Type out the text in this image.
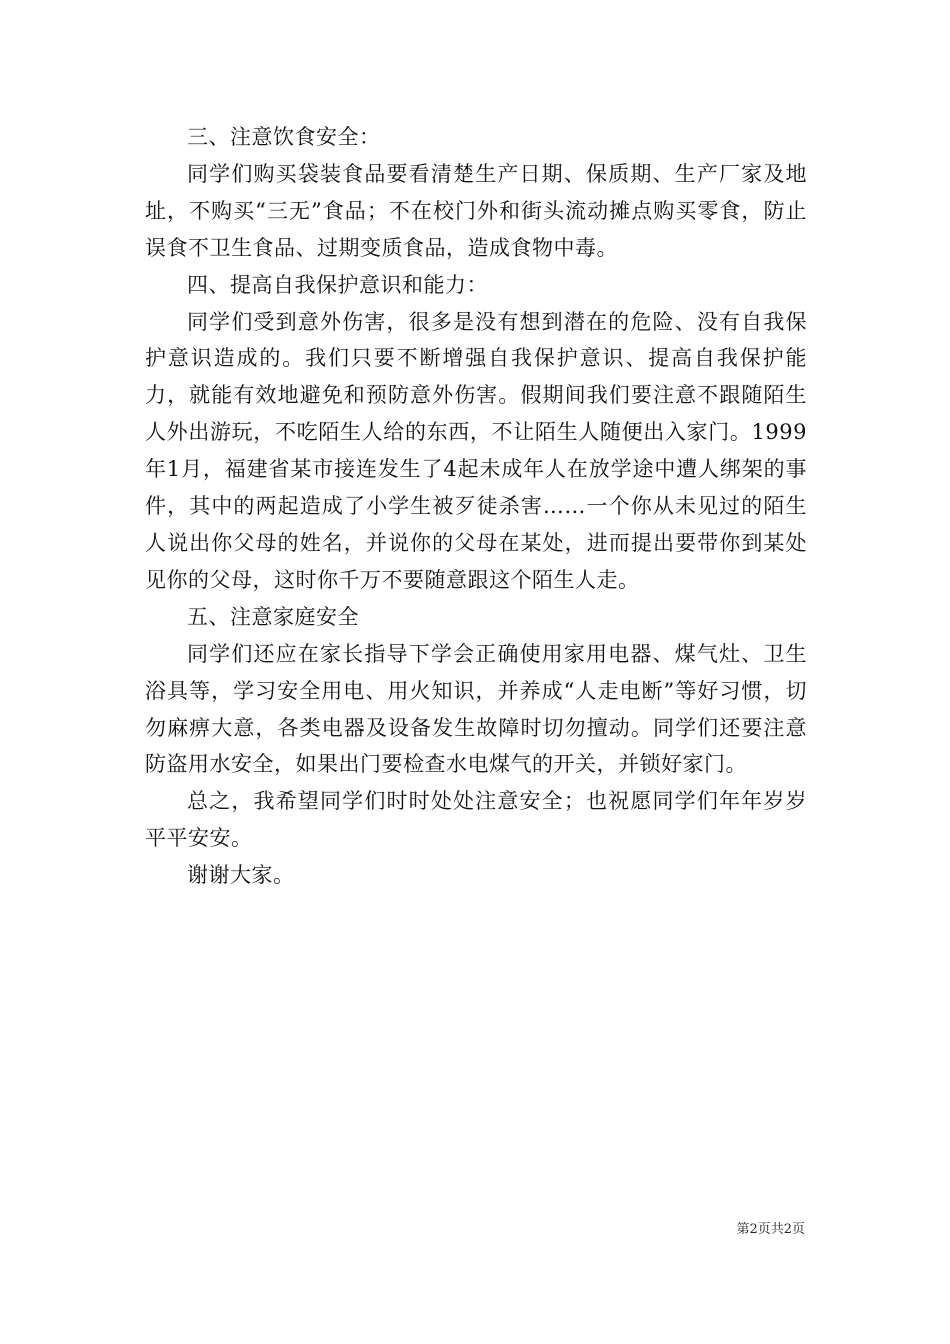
三、注意饮食安全：

同学们购买袋装食品要看清楚生产日期、保质期、生产厂家及地址，不购买“三无”食品；不在校门外和街头流动摊点购买零食，防止误食不卫生食品、过期变质食品，造成食物中毒。

四、提高自我保护意识和能力：

同学们受到意外伤害，很多是没有想到潜在的危险、没有自我保护意识造成的。我们只要不断增强自我保护意识、提高自我保护能力，就能有效地避免和预防意外伤害。假期间我们要注意不跟随陌生人外出游玩，不吃陌生人给的东西，不让陌生人随便出入家门。1999年1月，福建省某市接连发生了4起未成年人在放学途中遭人绑架的事件，其中的两起造成了小学生被歹徒杀害……一个你从未见过的陌生人说出你父母的姓名，并说你的父母在某处，进而提出要带你到某处见你的父母，这时你千万不要随意跟这个陌生人走。

五、注意家庭安全

同学们还应在家长指导下学会正确使用家用电器、煤气灶、卫生浴具等，学习安全用电、用火知识，并养成“人走电断”等好习惯，切勿麻痹大意，各类电器及设备发生故障时切勿擅动。同学们还要注意防盗用水安全，如果出门要检查水电煤气的开关，并锁好家门。

总之，我希望同学们时时处处注意安全；也祝愿同学们年年岁岁平平安安。

谢谢大家。

第2页共2页
